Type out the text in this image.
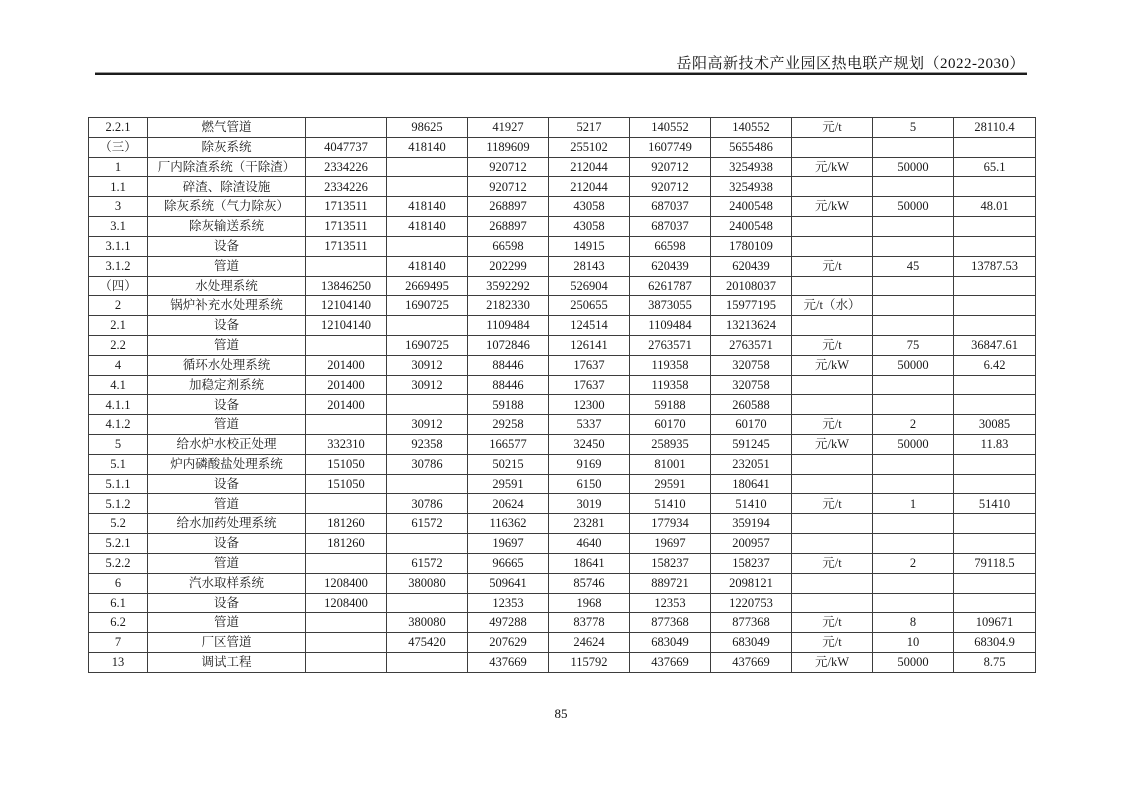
岳阳高新技术产业园区热电联产规划（2022-2030）
2.2.1	燃气管道		98625	41927	5217	140552	140552	元/t	5	28110.4
（三）	除灰系统	4047737	418140	1189609	255102	1607749	5655486			
1	厂内除渣系统（干除渣）	2334226		920712	212044	920712	3254938	元/kW	50000	65.1
1.1	碎渣、除渣设施	2334226		920712	212044	920712	3254938			
3	除灰系统（气力除灰）	1713511	418140	268897	43058	687037	2400548	元/kW	50000	48.01
3.1	除灰输送系统	1713511	418140	268897	43058	687037	2400548			
3.1.1	设备	1713511		66598	14915	66598	1780109			
3.1.2	管道		418140	202299	28143	620439	620439	元/t	45	13787.53
（四）	水处理系统	13846250	2669495	3592292	526904	6261787	20108037			
2	锅炉补充水处理系统	12104140	1690725	2182330	250655	3873055	15977195	元/t（水）		
2.1	设备	12104140		1109484	124514	1109484	13213624			
2.2	管道		1690725	1072846	126141	2763571	2763571	元/t	75	36847.61
4	循环水处理系统	201400	30912	88446	17637	119358	320758	元/kW	50000	6.42
4.1	加稳定剂系统	201400	30912	88446	17637	119358	320758			
4.1.1	设备	201400		59188	12300	59188	260588			
4.1.2	管道		30912	29258	5337	60170	60170	元/t	2	30085
5	给水炉水校正处理	332310	92358	166577	32450	258935	591245	元/kW	50000	11.83
5.1	炉内磷酸盐处理系统	151050	30786	50215	9169	81001	232051			
5.1.1	设备	151050		29591	6150	29591	180641			
5.1.2	管道		30786	20624	3019	51410	51410	元/t	1	51410
5.2	给水加药处理系统	181260	61572	116362	23281	177934	359194			
5.2.1	设备	181260		19697	4640	19697	200957			
5.2.2	管道		61572	96665	18641	158237	158237	元/t	2	79118.5
6	汽水取样系统	1208400	380080	509641	85746	889721	2098121			
6.1	设备	1208400		12353	1968	12353	1220753			
6.2	管道		380080	497288	83778	877368	877368	元/t	8	109671
7	厂区管道		475420	207629	24624	683049	683049	元/t	10	68304.9
13	调试工程			437669	115792	437669	437669	元/kW	50000	8.75
85
